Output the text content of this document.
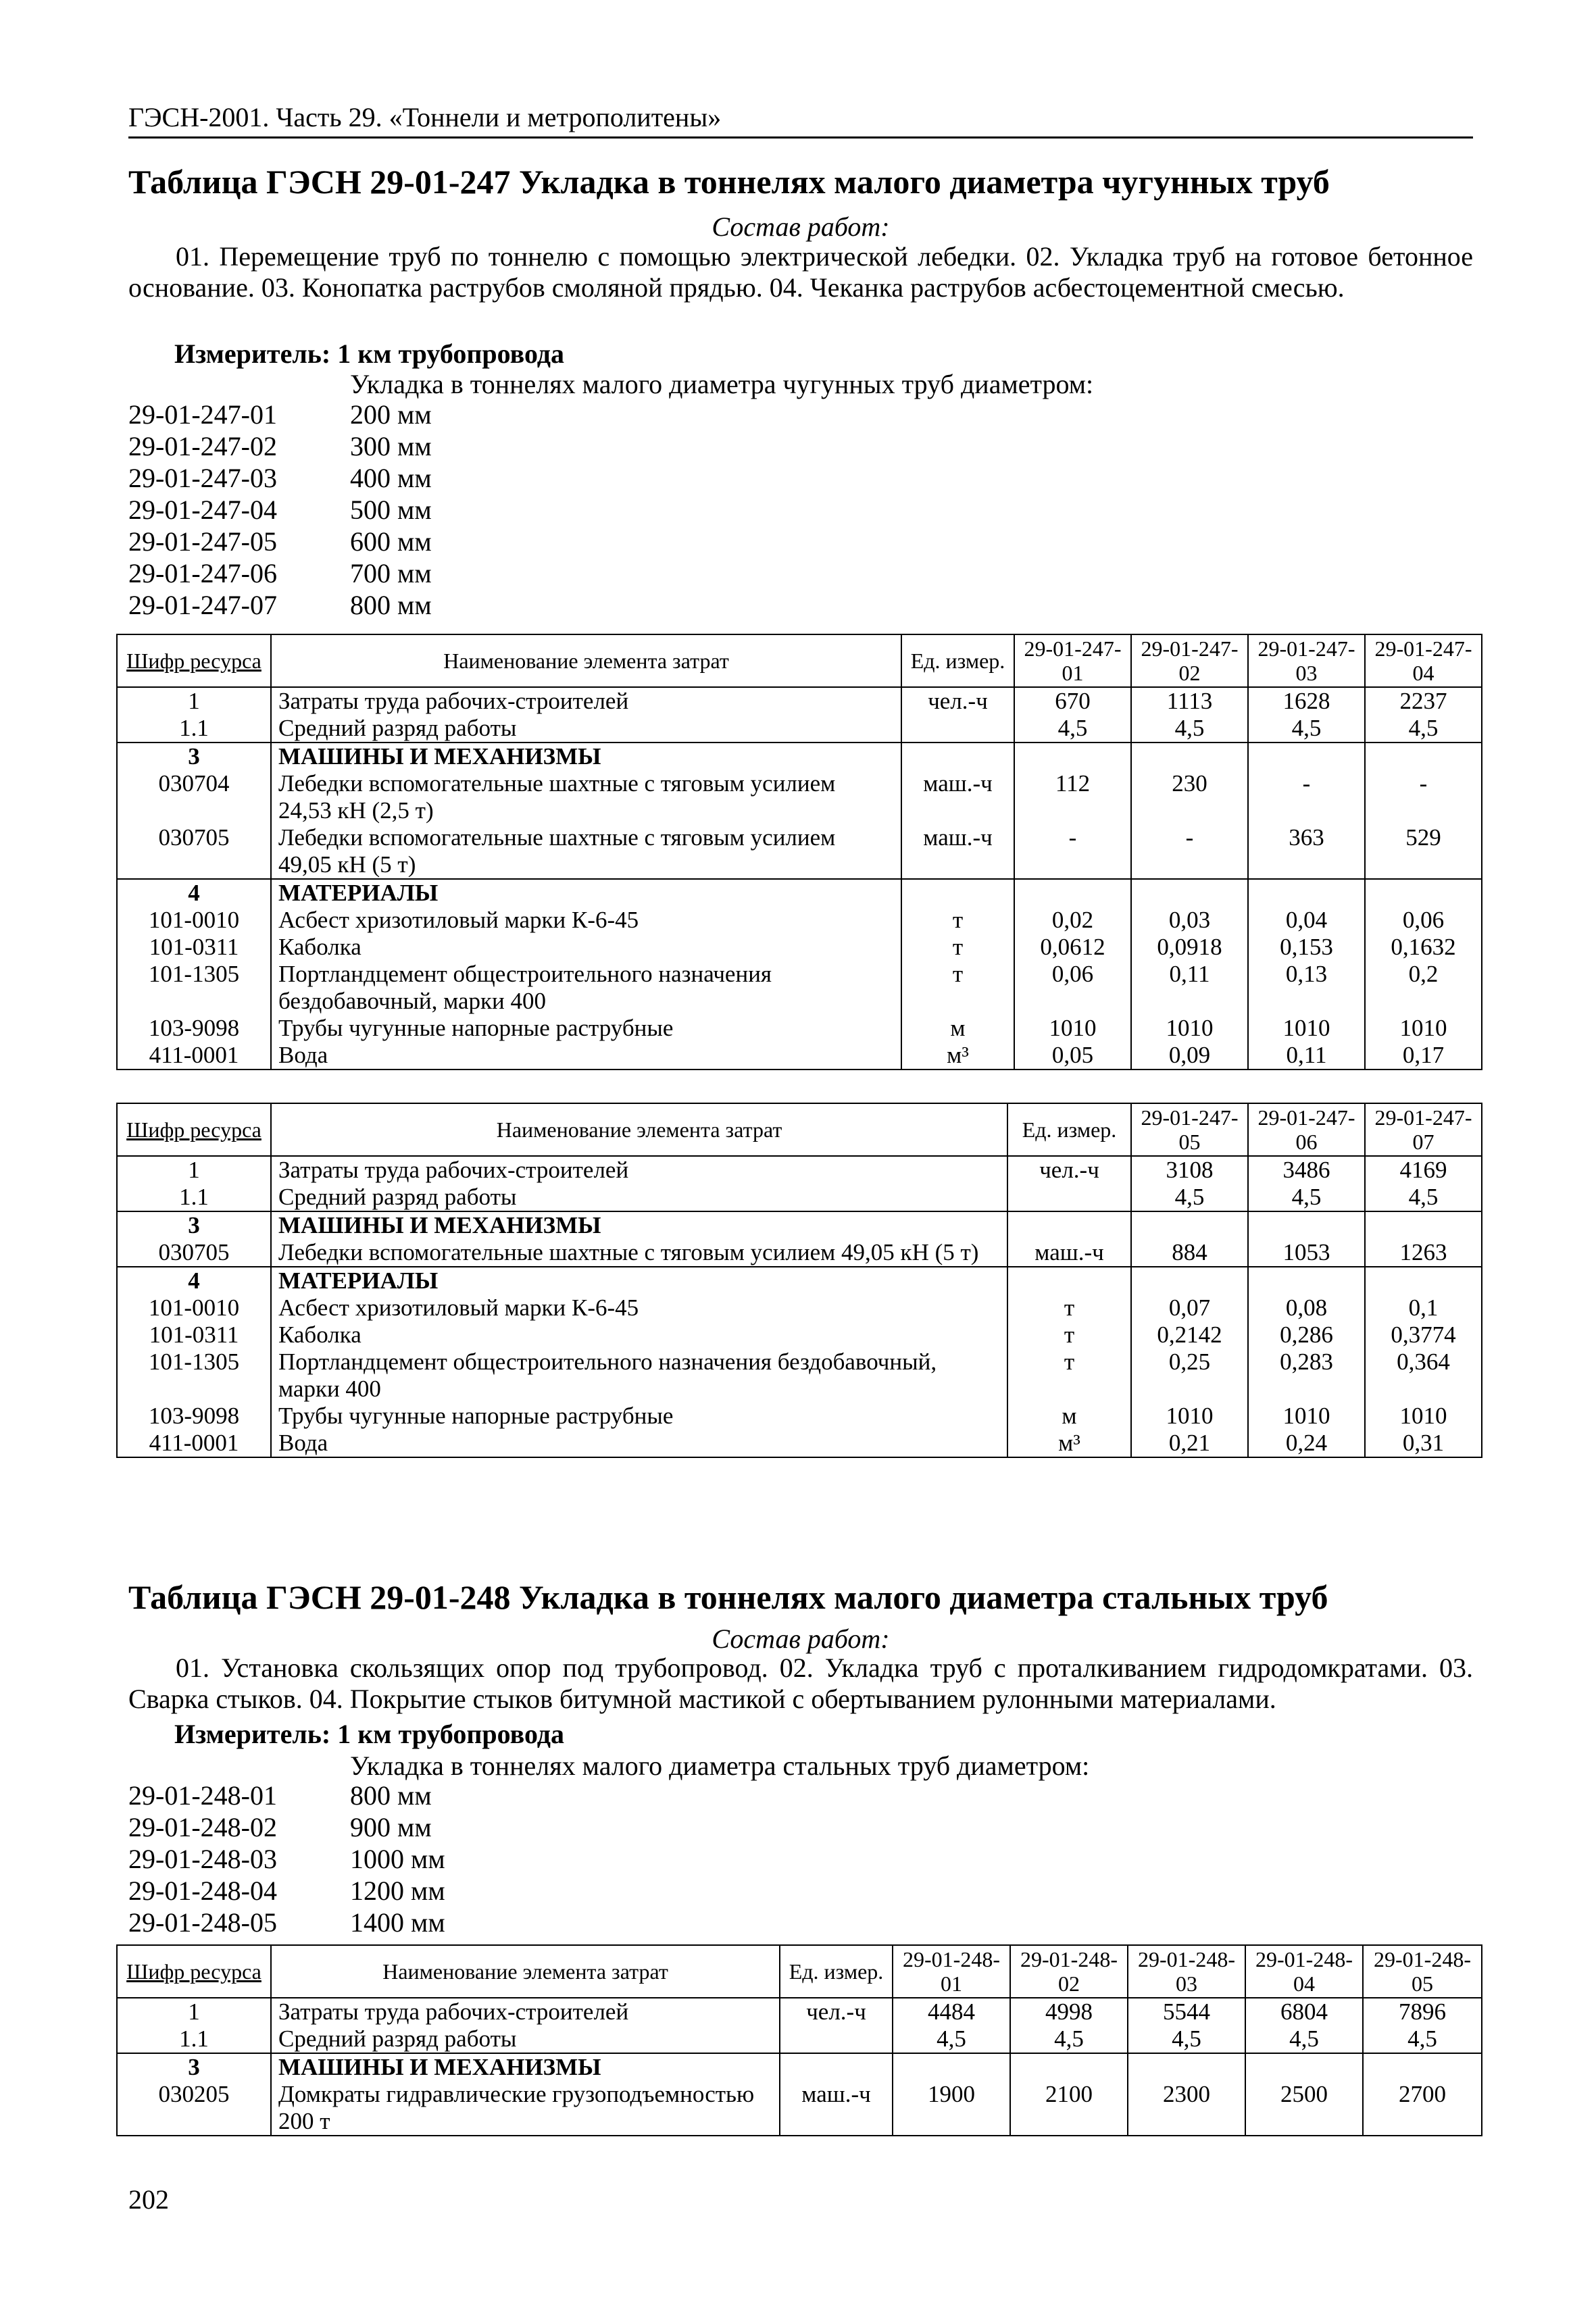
ГЭСН-2001. Часть 29. «Тоннели и метрополитены»
Таблица ГЭСН 29-01-247 Укладка в тоннелях малого диаметра чугунных труб
Состав работ:

01. Перемещение труб по тоннелю с помощью электрической лебедки. 02. Укладка труб на готовое бетонное основание. 03. Конопатка раструбов смоляной прядью. 04. Чеканка раструбов асбестоцементной смесью.

Измеритель: 1 км трубопровода
Укладка в тоннелях малого диаметра чугунных труб диаметром:
29-01-247-01	200 мм
29-01-247-02	300 мм
29-01-247-03	400 мм
29-01-247-04	500 мм
29-01-247-05	600 мм
29-01-247-06	700 мм
29-01-247-07	800 мм
Шифр ресурса	Наименование элемента затрат	Ед. измер.	29-01-247-01	29-01-247-02	29-01-247-03	29-01-247-04
1	Затраты труда рабочих-строителей	чел.-ч	670	1113	1628	2237
1.1	Средний разряд работы		4,5	4,5	4,5	4,5
3	МАШИНЫ И МЕХАНИЗМЫ					
030704	Лебедки вспомогательные шахтные с тяговым усилием 24,53 кН (2,5 т)	маш.-ч	112	230	-	-
030705	Лебедки вспомогательные шахтные с тяговым усилием 49,05 кН (5 т)	маш.-ч	-	-	363	529
4	МАТЕРИАЛЫ					
101-0010	Асбест хризотиловый марки К-6-45	т	0,02	0,03	0,04	0,06
101-0311	Каболка	т	0,0612	0,0918	0,153	0,1632
101-1305	Портландцемент общестроительного назначения бездобавочный, марки 400	т	0,06	0,11	0,13	0,2
103-9098	Трубы чугунные напорные раструбные	м	1010	1010	1010	1010
411-0001	Вода	м³	0,05	0,09	0,11	0,17
Шифр ресурса	Наименование элемента затрат	Ед. измер.	29-01-247-05	29-01-247-06	29-01-247-07
1	Затраты труда рабочих-строителей	чел.-ч	3108	3486	4169
1.1	Средний разряд работы		4,5	4,5	4,5
3	МАШИНЫ И МЕХАНИЗМЫ				
030705	Лебедки вспомогательные шахтные с тяговым усилием 49,05 кН (5 т)	маш.-ч	884	1053	1263
4	МАТЕРИАЛЫ				
101-0010	Асбест хризотиловый марки К-6-45	т	0,07	0,08	0,1
101-0311	Каболка	т	0,2142	0,286	0,3774
101-1305	Портландцемент общестроительного назначения бездобавочный, марки 400	т	0,25	0,283	0,364
103-9098	Трубы чугунные напорные раструбные	м	1010	1010	1010
411-0001	Вода	м³	0,21	0,24	0,31
Таблица ГЭСН 29-01-248 Укладка в тоннелях малого диаметра стальных труб
Состав работ:

01. Установка скользящих опор под трубопровод. 02. Укладка труб с проталкиванием гидродомкратами. 03. Сварка стыков. 04. Покрытие стыков битумной мастикой с обертыванием рулонными материалами.

Измеритель: 1 км трубопровода
Укладка в тоннелях малого диаметра стальных труб диаметром:
29-01-248-01	800 мм
29-01-248-02	900 мм
29-01-248-03	1000 мм
29-01-248-04	1200 мм
29-01-248-05	1400 мм
Шифр ресурса	Наименование элемента затрат	Ед. измер.	29-01-248-01	29-01-248-02	29-01-248-03	29-01-248-04	29-01-248-05
1	Затраты труда рабочих-строителей	чел.-ч	4484	4998	5544	6804	7896
1.1	Средний разряд работы		4,5	4,5	4,5	4,5	4,5
3	МАШИНЫ И МЕХАНИЗМЫ						
030205	Домкраты гидравлические грузоподъемностью 200 т	маш.-ч	1900	2100	2300	2500	2700
202
